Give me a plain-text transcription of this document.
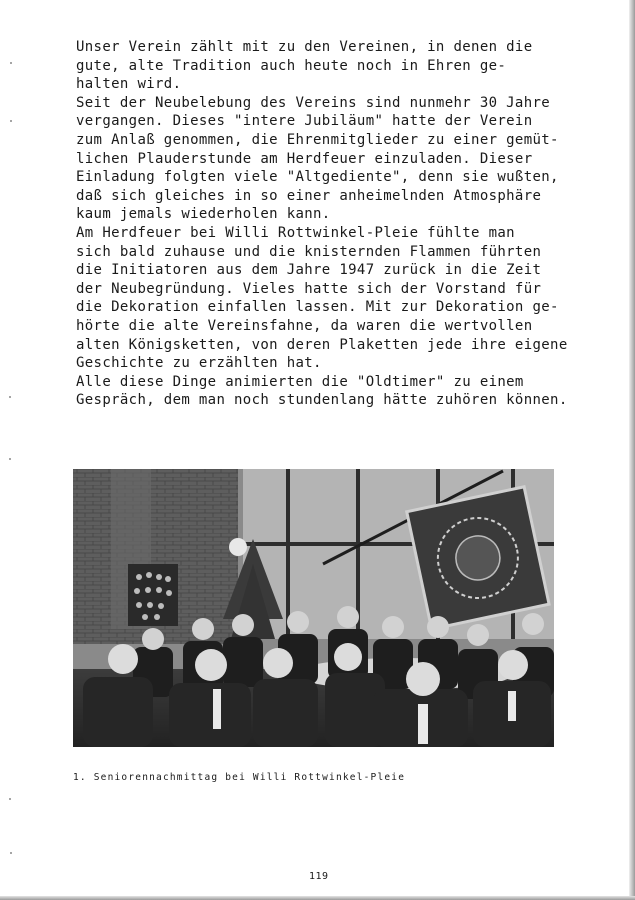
Unser Verein zählt mit zu den Vereinen, in denen die
gute, alte Tradition auch heute noch in Ehren ge-
halten wird.
Seit der Neubelebung des Vereins sind nunmehr 30 Jahre
vergangen. Dieses "intere Jubiläum" hatte der Verein
zum Anlaß genommen, die Ehrenmitglieder zu einer gemüt-
lichen Plauderstunde am Herdfeuer einzuladen. Dieser
Einladung folgten viele "Altgediente", denn sie wußten,
daß sich gleiches in so einer anheimelnden Atmosphäre
kaum jemals wiederholen kann.
Am Herdfeuer bei Willi Rottwinkel-Pleie fühlte man
sich bald zuhause und die knisternden Flammen führten
die Initiatoren aus dem Jahre 1947 zurück in die Zeit
der Neubegründung. Vieles hatte sich der Vorstand für
die Dekoration einfallen lassen. Mit zur Dekoration ge-
hörte die alte Vereinsfahne, da waren die wertvollen
alten Königsketten, von deren Plaketten jede ihre eigene
Geschichte zu erzählten hat.
Alle diese Dinge animierten die "Oldtimer" zu einem
Gespräch, dem man noch stundenlang hätte zuhören können.
1. Seniorennachmittag bei Willi Rottwinkel-Pleie
119
